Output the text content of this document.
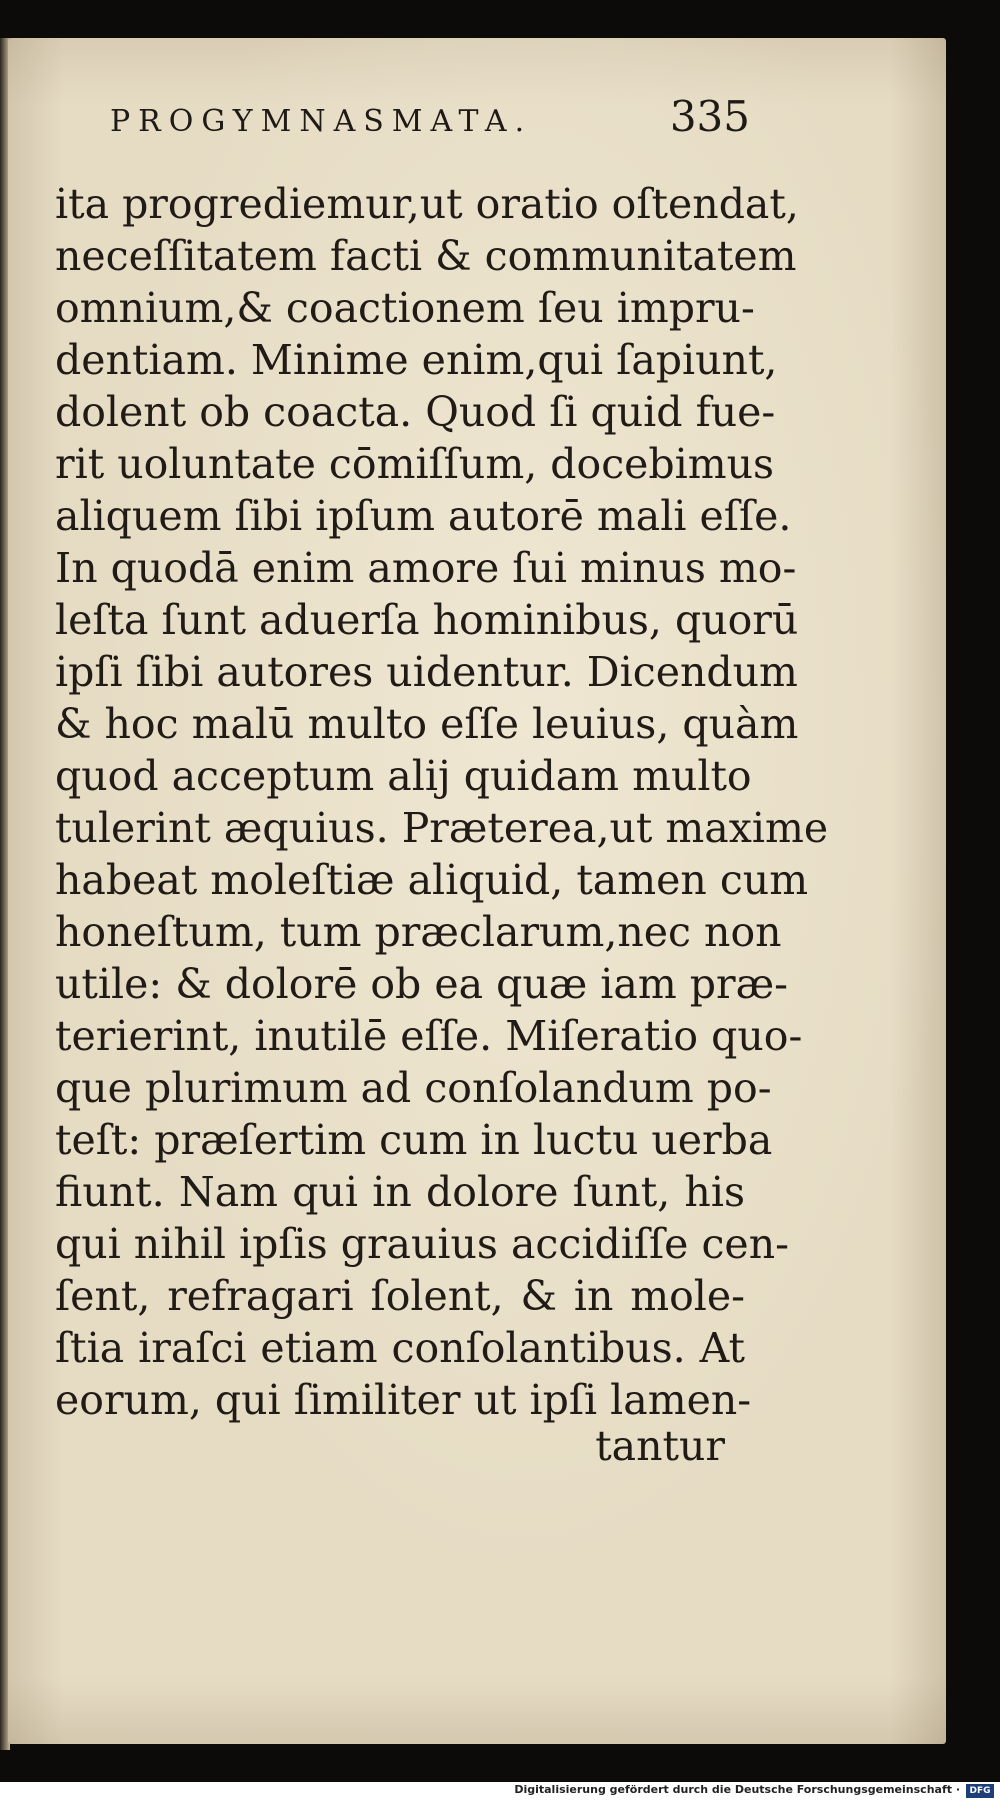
PROGYMNASMATA.	335
ita progrediemur,ut oratio oſtendat,
neceſſitatem facti & communitatem
omnium,& coactionem ſeu impru-
dentiam. Minime enim,qui ſapiunt,
dolent ob coacta. Quod ſi quid fue-
rit uoluntate cōmiſſum, docebimus
aliquem ſibi ipſum autorē mali eſſe.
In quodā enim amore ſui minus mo-
leſta ſunt aduerſa hominibus, quorū
ipſi ſibi autores uidentur. Dicendum
& hoc malū multo eſſe leuius, quàm
quod acceptum alij quidam multo
tulerint æquius. Præterea,ut maxime
habeat moleſtiæ aliquid, tamen cum
honeſtum, tum præclarum,nec non
utile: & dolorē ob ea quæ iam præ-
terierint, inutilē eſſe. Miſeratio quo-
que plurimum ad conſolandum po-
teſt: præſertim cum in luctu uerba
fiunt. Nam qui in dolore ſunt, his
qui nihil ipſis grauius accidiſſe cen-
ſent, refragari ſolent, & in mole-
ſtia iraſci etiam conſolantibus. At
eorum, qui ſimiliter ut ipſi lamen-
tantur
Digitalisierung gefördert durch die Deutsche Forschungsgemeinschaft ·	DFG
